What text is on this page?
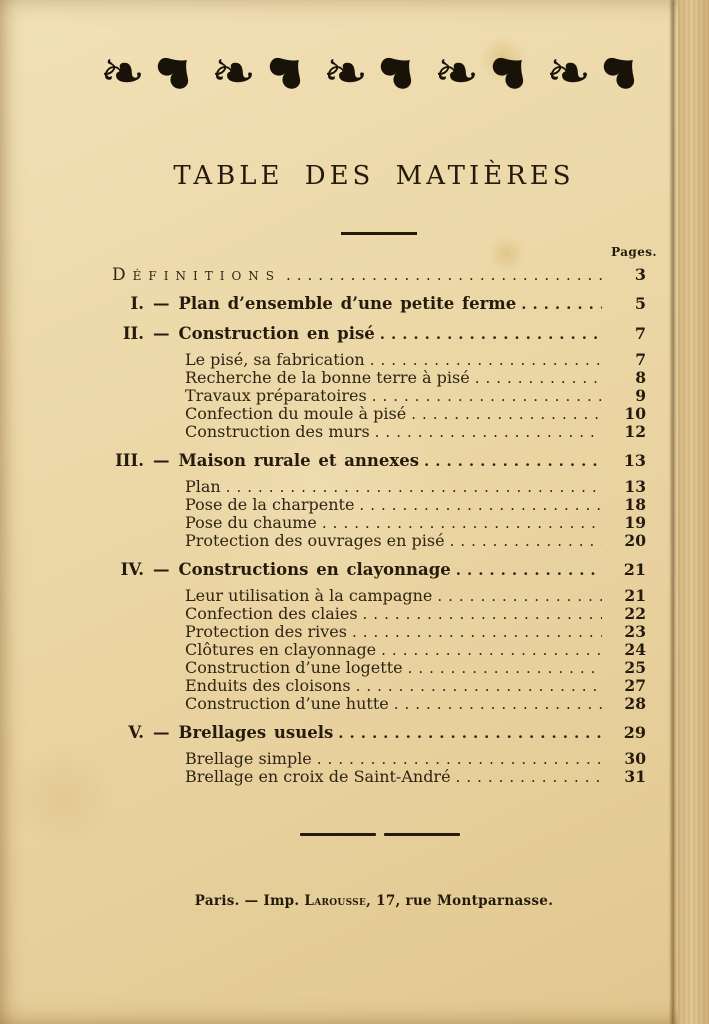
❧
❥
❧
❥
❧
❥
❧
❥
❧
❥
TABLE DES MATIÈRES
Pages.
Définitions .....	3
I. — Plan d’ensemble d’une petite ferme .....	5
II. — Construction en pisé .....	7
Le pisé, sa fabrication .....	7
Recherche de la bonne terre à pisé .....	8
Travaux préparatoires .....	9
Confection du moule à pisé .....	10
Construction des murs .....	12
III. — Maison rurale et annexes .....	13
Plan .....	13
Pose de la charpente .....	18
Pose du chaume .....	19
Protection des ouvrages en pisé .....	20
IV. — Constructions en clayonnage .....	21
Leur utilisation à la campagne .....	21
Confection des claies .....	22
Protection des rives .....	23
Clôtures en clayonnage .....	24
Construction d’une logette .....	25
Enduits des cloisons .....	27
Construction d’une hutte .....	28
V. — Brellages usuels .....	29
Brellage simple .....	30
Brellage en croix de Saint-André .....	31
Paris. — Imp. Larousse, 17, rue Montparnasse.
